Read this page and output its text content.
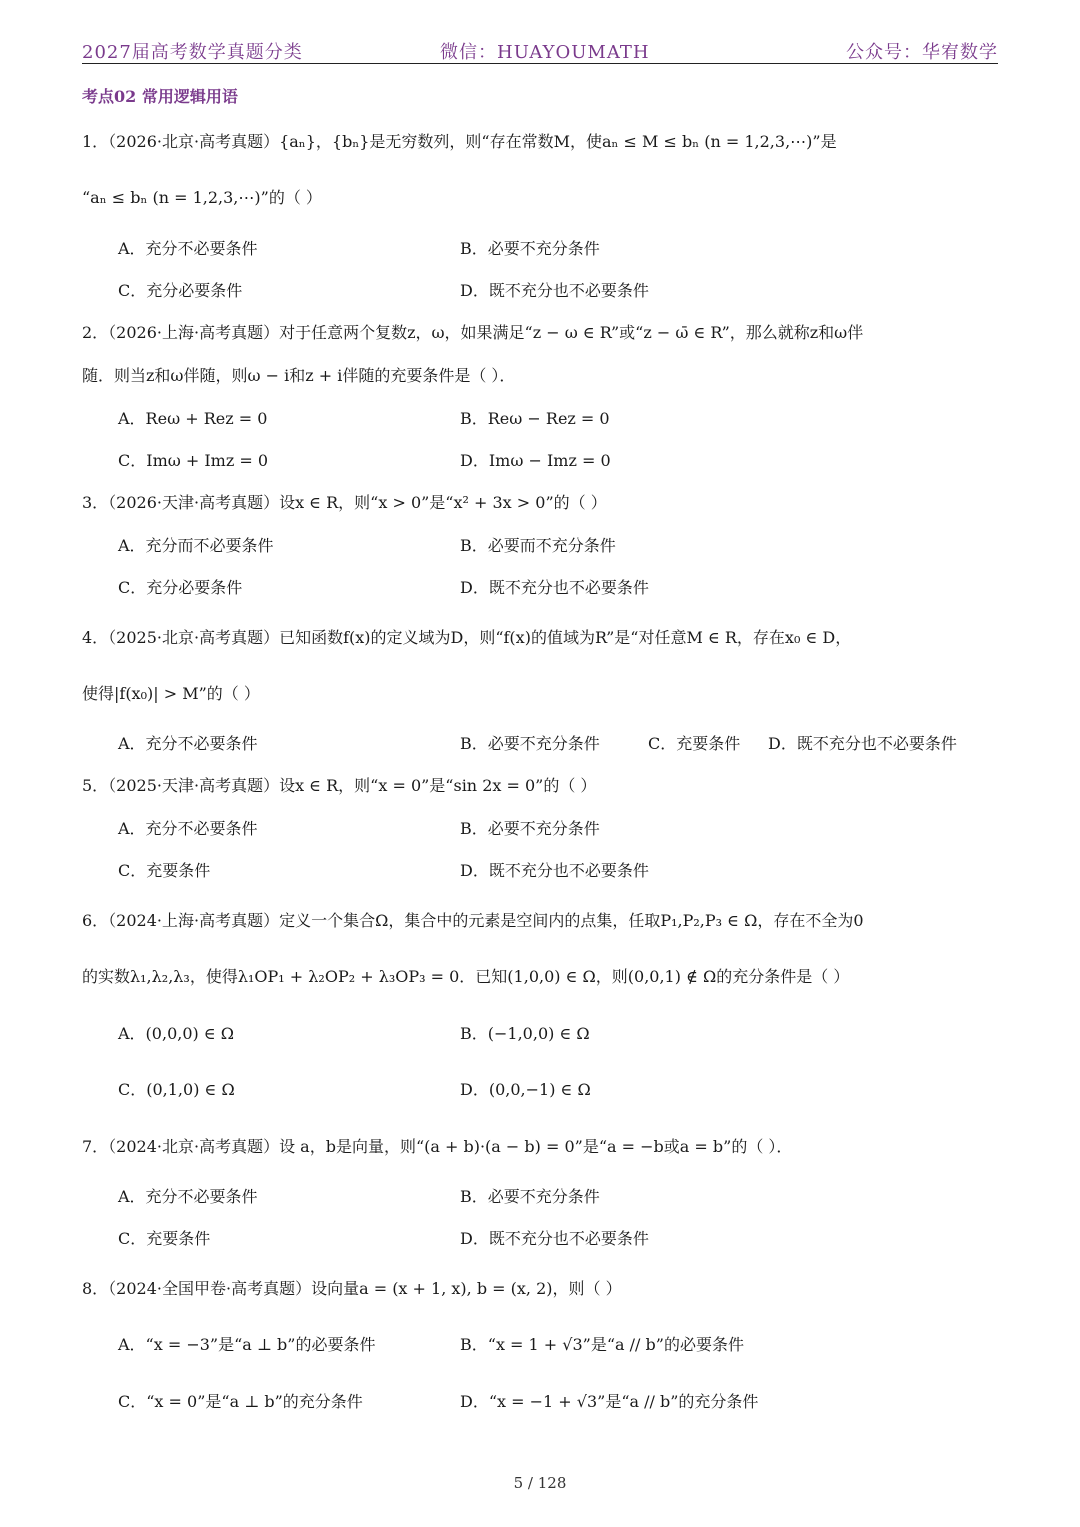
2027届高考数学真题分类	微信：HUAYOUMATH	公众号：华宥数学
考点02 常用逻辑用语
1．（2026·北京·高考真题）{aₙ}，{bₙ}是无穷数列，则“存在常数M，使aₙ ≤ M ≤ bₙ (n = 1,2,3,⋯)”是
“aₙ ≤ bₙ (n = 1,2,3,⋯)”的（ ）
A．充分不必要条件	B．必要不充分条件
C．充分必要条件	D．既不充分也不必要条件
2．（2026·上海·高考真题）对于任意两个复数z，ω，如果满足“z − ω ∈ R”或“z − ω̄ ∈ R”，那么就称z和ω伴
随．则当z和ω伴随，则ω − i和z + i伴随的充要条件是（ ）．
A．Reω + Rez = 0	B．Reω − Rez = 0
C．Imω + Imz = 0	D．Imω − Imz = 0
3．（2026·天津·高考真题）设x ∈ R，则“x > 0”是“x² + 3x > 0”的（ ）
A．充分而不必要条件	B．必要而不充分条件
C．充分必要条件	D．既不充分也不必要条件
4．（2025·北京·高考真题）已知函数f(x)的定义域为D，则“f(x)的值域为R”是“对任意M ∈ R，存在x₀ ∈ D，
使得|f(x₀)| > M”的（ ）
A．充分不必要条件	B．必要不充分条件	C．充要条件 D．既不充分也不必要条件
5．（2025·天津·高考真题）设x ∈ R，则“x = 0”是“sin 2x = 0”的（ ）
A．充分不必要条件	B．必要不充分条件
C．充要条件	D．既不充分也不必要条件
6．（2024·上海·高考真题）定义一个集合Ω，集合中的元素是空间内的点集，任取P₁,P₂,P₃ ∈ Ω，存在不全为0
的实数λ₁,λ₂,λ₃，使得λ₁OP₁ + λ₂OP₂ + λ₃OP₃ = 0．已知(1,0,0) ∈ Ω，则(0,0,1) ∉ Ω的充分条件是（ ）
A．(0,0,0) ∈ Ω	B．(−1,0,0) ∈ Ω
C．(0,1,0) ∈ Ω	D．(0,0,−1) ∈ Ω
7．（2024·北京·高考真题）设 a，b是向量，则“(a + b)·(a − b) = 0”是“a = −b或a = b”的（ ）．
A．充分不必要条件	B．必要不充分条件
C．充要条件	D．既不充分也不必要条件
8．（2024·全国甲卷·高考真题）设向量a = (x + 1, x), b = (x, 2)，则（ ）
A．“x = −3”是“a ⊥ b”的必要条件	B．“x = 1 + √3”是“a // b”的必要条件
C．“x = 0”是“a ⊥ b”的充分条件	D．“x = −1 + √3”是“a // b”的充分条件
5 / 128
